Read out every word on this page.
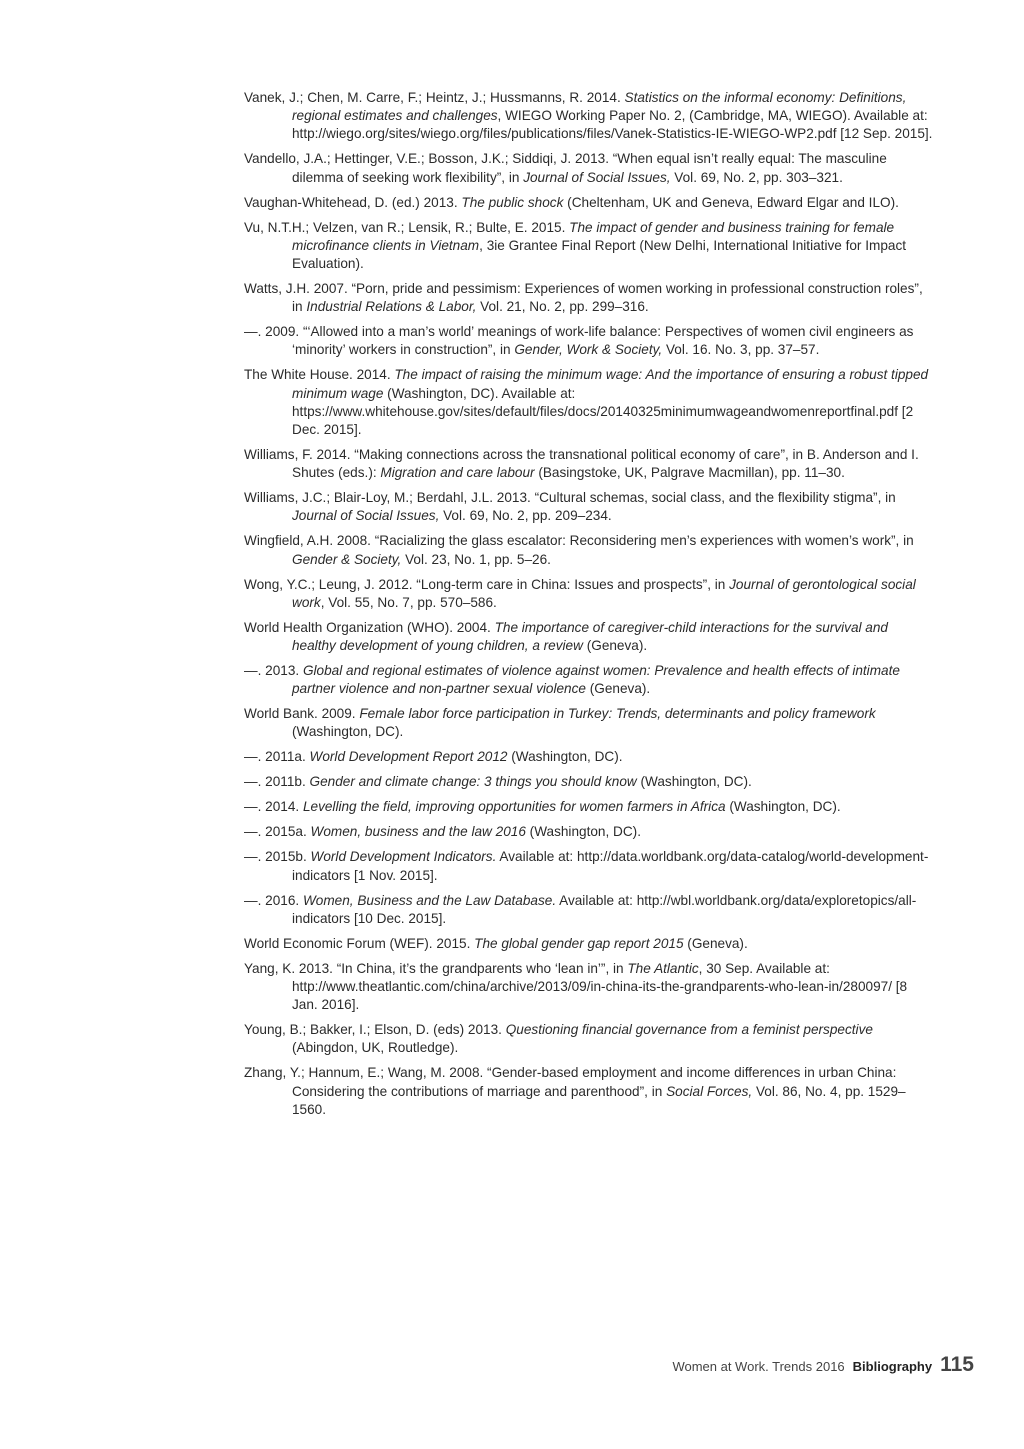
Vanek, J.; Chen, M. Carre, F.; Heintz, J.; Hussmanns, R. 2014. Statistics on the informal economy: Definitions, regional estimates and challenges, WIEGO Working Paper No. 2, (Cambridge, MA, WIEGO). Available at: http://wiego.org/sites/wiego.org/files/publications/files/Vanek-Statistics-IE-WIEGO-WP2.pdf [12 Sep. 2015].

Vandello, J.A.; Hettinger, V.E.; Bosson, J.K.; Siddiqi, J. 2013. “When equal isn’t really equal: The masculine dilemma of seeking work flexibility”, in Journal of Social Issues, Vol. 69, No. 2, pp. 303–321.

Vaughan-Whitehead, D. (ed.) 2013. The public shock (Cheltenham, UK and Geneva, Edward Elgar and ILO).

Vu, N.T.H.; Velzen, van R.; Lensik, R.; Bulte, E. 2015. The impact of gender and business training for female microfinance clients in Vietnam, 3ie Grantee Final Report (New Delhi, International Initiative for Impact Evaluation).

Watts, J.H. 2007. “Porn, pride and pessimism: Experiences of women working in professional construction roles”, in Industrial Relations & Labor, Vol. 21, No. 2, pp. 299–316.

—. 2009. “‘Allowed into a man’s world’ meanings of work-life balance: Perspectives of women civil engineers as ‘minority’ workers in construction”, in Gender, Work & Society, Vol. 16. No. 3, pp. 37–57.

The White House. 2014. The impact of raising the minimum wage: And the importance of ensuring a robust tipped minimum wage (Washington, DC). Available at: https://www.whitehouse.gov/sites/default/files/docs/20140325minimumwageandwomenreportfinal.pdf [2 Dec. 2015].

Williams, F. 2014. “Making connections across the transnational political economy of care”, in B. Anderson and I. Shutes (eds.): Migration and care labour (Basingstoke, UK, Palgrave Macmillan), pp. 11–30.

Williams, J.C.; Blair-Loy, M.; Berdahl, J.L. 2013. “Cultural schemas, social class, and the flexibility stigma”, in Journal of Social Issues, Vol. 69, No. 2, pp. 209–234.

Wingfield, A.H. 2008. “Racializing the glass escalator: Reconsidering men’s experiences with women’s work”, in Gender & Society, Vol. 23, No. 1, pp. 5–26.

Wong, Y.C.; Leung, J. 2012. “Long-term care in China: Issues and prospects”, in Journal of gerontological social work, Vol. 55, No. 7, pp. 570–586.

World Health Organization (WHO). 2004. The importance of caregiver-child interactions for the survival and healthy development of young children, a review (Geneva).

—. 2013. Global and regional estimates of violence against women: Prevalence and health effects of intimate partner violence and non-partner sexual violence (Geneva).

World Bank. 2009. Female labor force participation in Turkey: Trends, determinants and policy framework (Washington, DC).

—. 2011a. World Development Report 2012 (Washington, DC).

—. 2011b. Gender and climate change: 3 things you should know (Washington, DC).

—. 2014. Levelling the field, improving opportunities for women farmers in Africa (Washington, DC).

—. 2015a. Women, business and the law 2016 (Washington, DC).

—. 2015b. World Development Indicators. Available at: http://data.worldbank.org/data-catalog/world-development-indicators [1 Nov. 2015].

—. 2016. Women, Business and the Law Database. Available at: http://wbl.worldbank.org/data/exploretopics/all-indicators [10 Dec. 2015].

World Economic Forum (WEF). 2015. The global gender gap report 2015 (Geneva).

Yang, K. 2013. “In China, it’s the grandparents who ‘lean in’”, in The Atlantic, 30 Sep. Available at: http://www.theatlantic.com/china/archive/2013/09/in-china-its-the-grandparents-who-lean-in/280097/ [8 Jan. 2016].

Young, B.; Bakker, I.; Elson, D. (eds) 2013. Questioning financial governance from a feminist perspective (Abingdon, UK, Routledge).

Zhang, Y.; Hannum, E.; Wang, M. 2008. “Gender-based employment and income differences in urban China: Considering the contributions of marriage and parenthood”, in Social Forces, Vol. 86, No. 4, pp. 1529–1560.

Women at Work. Trends 2016 Bibliography 115
